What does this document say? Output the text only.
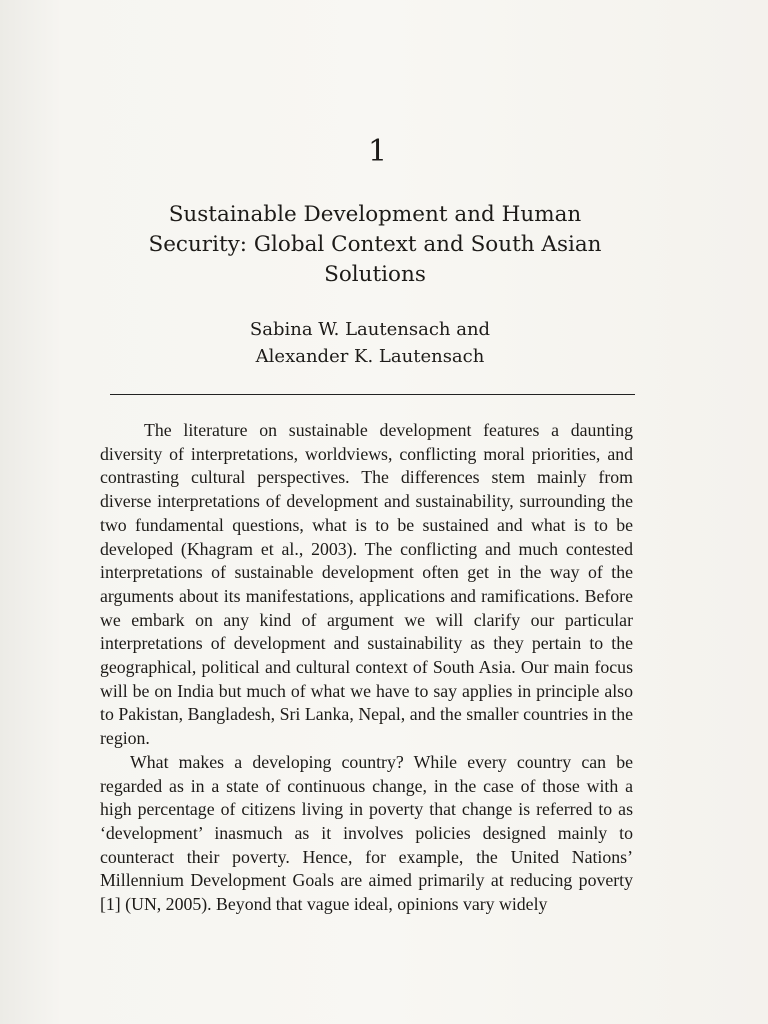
1
Sustainable Development and Human Security: Global Context and South Asian Solutions
Sabina W. Lautensach and
Alexander K. Lautensach

The literature on sustainable development features a daunting diversity of interpretations, worldviews, conflicting moral priorities, and contrasting cultural perspectives. The differences stem mainly from diverse interpretations of development and sustainability, surrounding the two fundamental questions, what is to be sustained and what is to be developed (Khagram et al., 2003). The conflicting and much contested interpretations of sustainable development often get in the way of the arguments about its manifestations, applications and ramifications. Before we embark on any kind of argument we will clarify our particular interpretations of development and sustainability as they pertain to the geographical, political and cultural context of South Asia. Our main focus will be on India but much of what we have to say applies in principle also to Pakistan, Bangladesh, Sri Lanka, Nepal, and the smaller countries in the region.

What makes a developing country? While every country can be regarded as in a state of continuous change, in the case of those with a high percentage of citizens living in poverty that change is referred to as ‘development’ inasmuch as it involves policies designed mainly to counteract their poverty. Hence, for example, the United Nations’ Millennium Development Goals are aimed primarily at reducing poverty [1] (UN, 2005). Beyond that vague ideal, opinions vary widely
